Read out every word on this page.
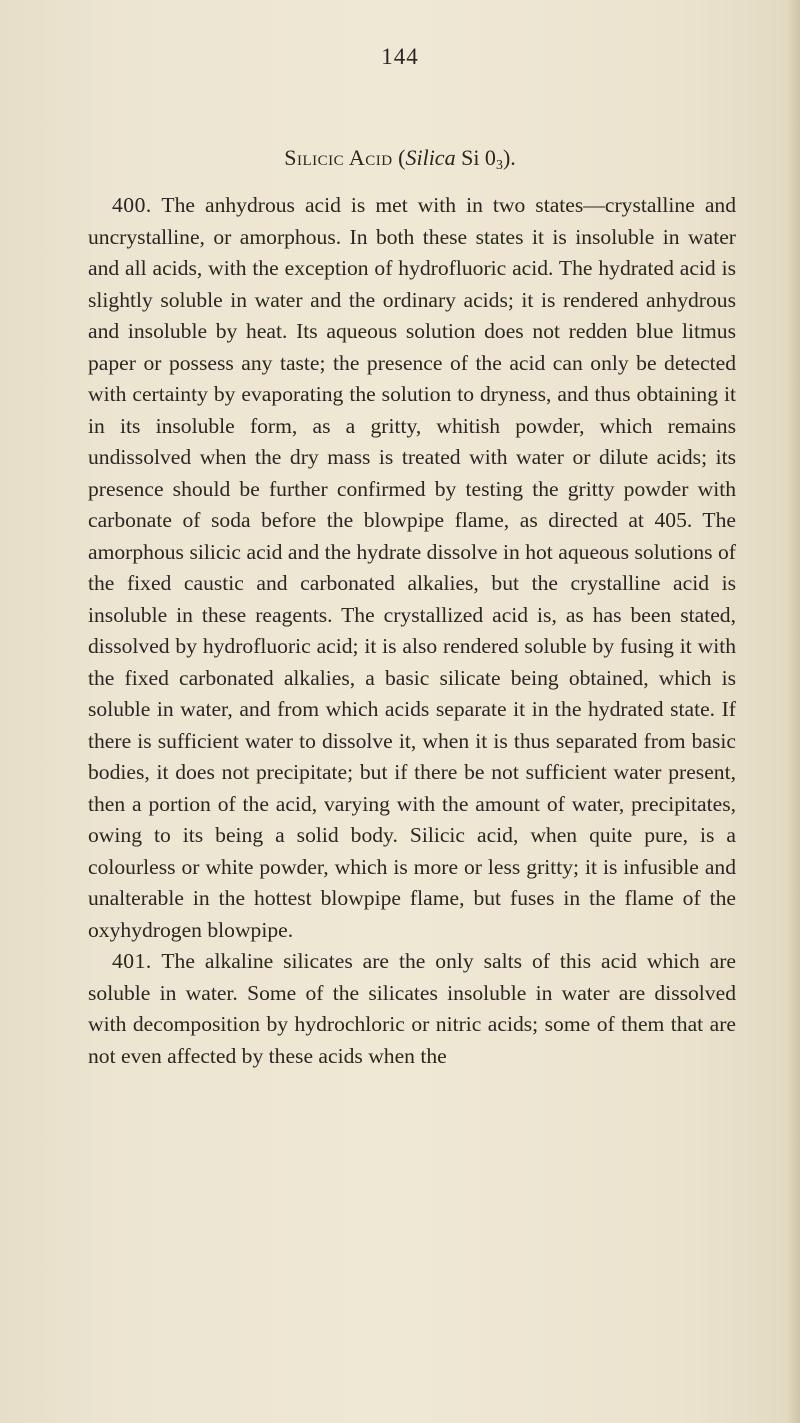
144
Silicic Acid (Silica Si $0_3$).

400. The anhydrous acid is met with in two states—crystalline and uncrystalline, or amorphous. In both these states it is insoluble in water and all acids, with the exception of hydrofluoric acid. The hydrated acid is slightly soluble in water and the ordinary acids; it is rendered anhydrous and insoluble by heat. Its aqueous solution does not redden blue litmus paper or possess any taste; the presence of the acid can only be detected with certainty by evaporating the solution to dryness, and thus obtaining it in its insoluble form, as a gritty, whitish powder, which remains undissolved when the dry mass is treated with water or dilute acids; its presence should be further confirmed by testing the gritty powder with carbonate of soda before the blowpipe flame, as directed at 405. The amorphous silicic acid and the hydrate dissolve in hot aqueous solutions of the fixed caustic and carbonated alkalies, but the crystalline acid is insoluble in these reagents. The crystallized acid is, as has been stated, dissolved by hydrofluoric acid; it is also rendered soluble by fusing it with the fixed carbonated alkalies, a basic silicate being obtained, which is soluble in water, and from which acids separate it in the hydrated state. If there is sufficient water to dissolve it, when it is thus separated from basic bodies, it does not precipitate; but if there be not sufficient water present, then a portion of the acid, varying with the amount of water, precipitates, owing to its being a solid body. Silicic acid, when quite pure, is a colourless or white powder, which is more or less gritty; it is infusible and unalterable in the hottest blowpipe flame, but fuses in the flame of the oxyhydrogen blowpipe.

401. The alkaline silicates are the only salts of this acid which are soluble in water. Some of the silicates insoluble in water are dissolved with decomposition by hydrochloric or nitric acids; some of them that are not even affected by these acids when the
